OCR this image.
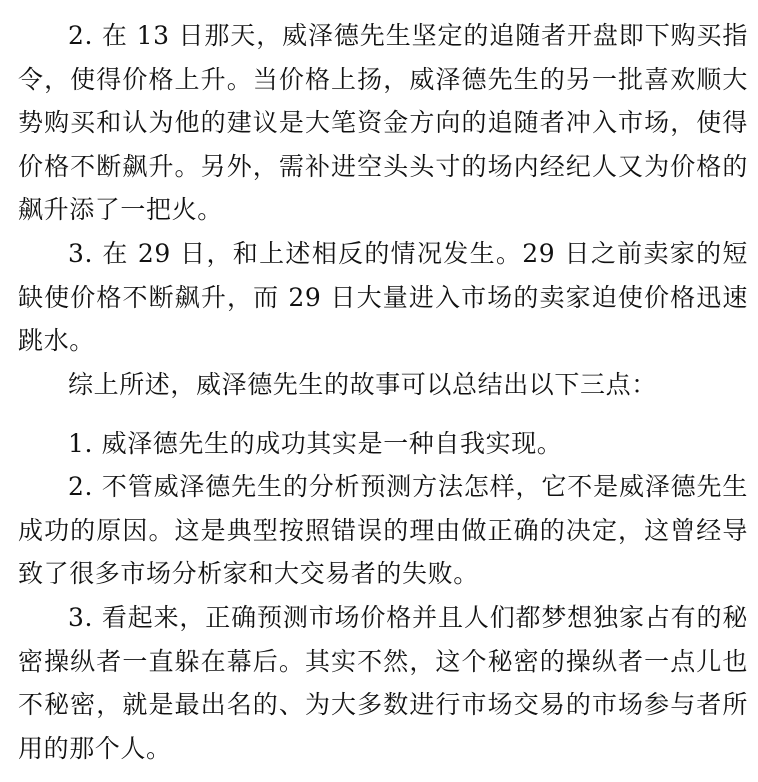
2. 在 13 日那天，威泽德先生坚定的追随者开盘即下购买指令，使得价格上升。当价格上扬，威泽德先生的另一批喜欢顺大势购买和认为他的建议是大笔资金方向的追随者冲入市场，使得价格不断飙升。另外，需补进空头头寸的场内经纪人又为价格的飙升添了一把火。

3. 在 29 日，和上述相反的情况发生。29 日之前卖家的短缺使价格不断飙升，而 29 日大量进入市场的卖家迫使价格迅速跳水。

综上所述，威泽德先生的故事可以总结出以下三点：

1. 威泽德先生的成功其实是一种自我实现。

2. 不管威泽德先生的分析预测方法怎样，它不是威泽德先生成功的原因。这是典型按照错误的理由做正确的决定，这曾经导致了很多市场分析家和大交易者的失败。

3. 看起来，正确预测市场价格并且人们都梦想独家占有的秘密操纵者一直躲在幕后。其实不然，这个秘密的操纵者一点儿也不秘密，就是最出名的、为大多数进行市场交易的市场参与者所用的那个人。
